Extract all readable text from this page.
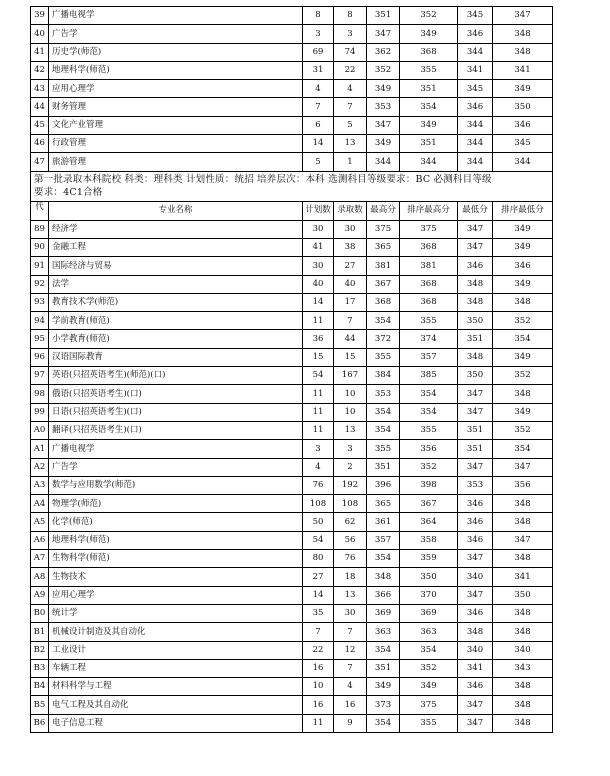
39	广播电视学	8	8	351	352	345	347
40	广告学	3	3	347	349	346	348
41	历史学(师范)	69	74	362	368	344	348
42	地理科学(师范)	31	22	352	355	341	341
43	应用心理学	4	4	349	351	345	349
44	财务管理	7	7	353	354	346	350
45	文化产业管理	6	5	347	349	344	346
46	行政管理	14	13	349	351	344	345
47	旅游管理	5	1	344	344	344	344

第一批录取本科院校 科类：理科类 计划性质：统招 培养层次：本科 选测科目等级要求：BC 必测科目等级
要求：4C1合格							

代	专业名称	计划数	录取数	最高分	排序最高分	最低分	排序最低分
89	经济学	30	30	375	375	347	349
90	金融工程	41	38	365	368	347	349
91	国际经济与贸易	30	27	381	381	346	346
92	法学	40	40	367	368	348	349
93	教育技术学(师范)	14	17	368	368	348	348
94	学前教育(师范)	11	7	354	355	350	352
95	小学教育(师范)	36	44	372	374	351	354
96	汉语国际教育	15	15	355	357	348	349
97	英语(只招英语考生)(师范)(口)	54	167	384	385	350	352
98	俄语(只招英语考生)(口)	11	10	353	354	347	348
99	日语(只招英语考生)(口)	11	10	354	354	347	349
A0	翻译(只招英语考生)(口)	11	13	354	355	351	352
A1	广播电视学	3	3	355	356	351	354
A2	广告学	4	2	351	352	347	347
A3	数学与应用数学(师范)	76	192	396	398	353	356
A4	物理学(师范)	108	108	365	367	346	348
A5	化学(师范)	50	62	361	364	346	348
A6	地理科学(师范)	54	56	357	358	346	347
A7	生物科学(师范)	80	76	354	359	347	348
A8	生物技术	27	18	348	350	340	341
A9	应用心理学	14	13	366	370	347	350
B0	统计学	35	30	369	369	346	348
B1	机械设计制造及其自动化	7	7	363	363	348	348
B2	工业设计	22	12	354	354	340	340
B3	车辆工程	16	7	351	352	341	343
B4	材料科学与工程	10	4	349	349	346	348
B5	电气工程及其自动化	16	16	373	375	347	348
B6	电子信息工程	11	9	354	355	347	348
